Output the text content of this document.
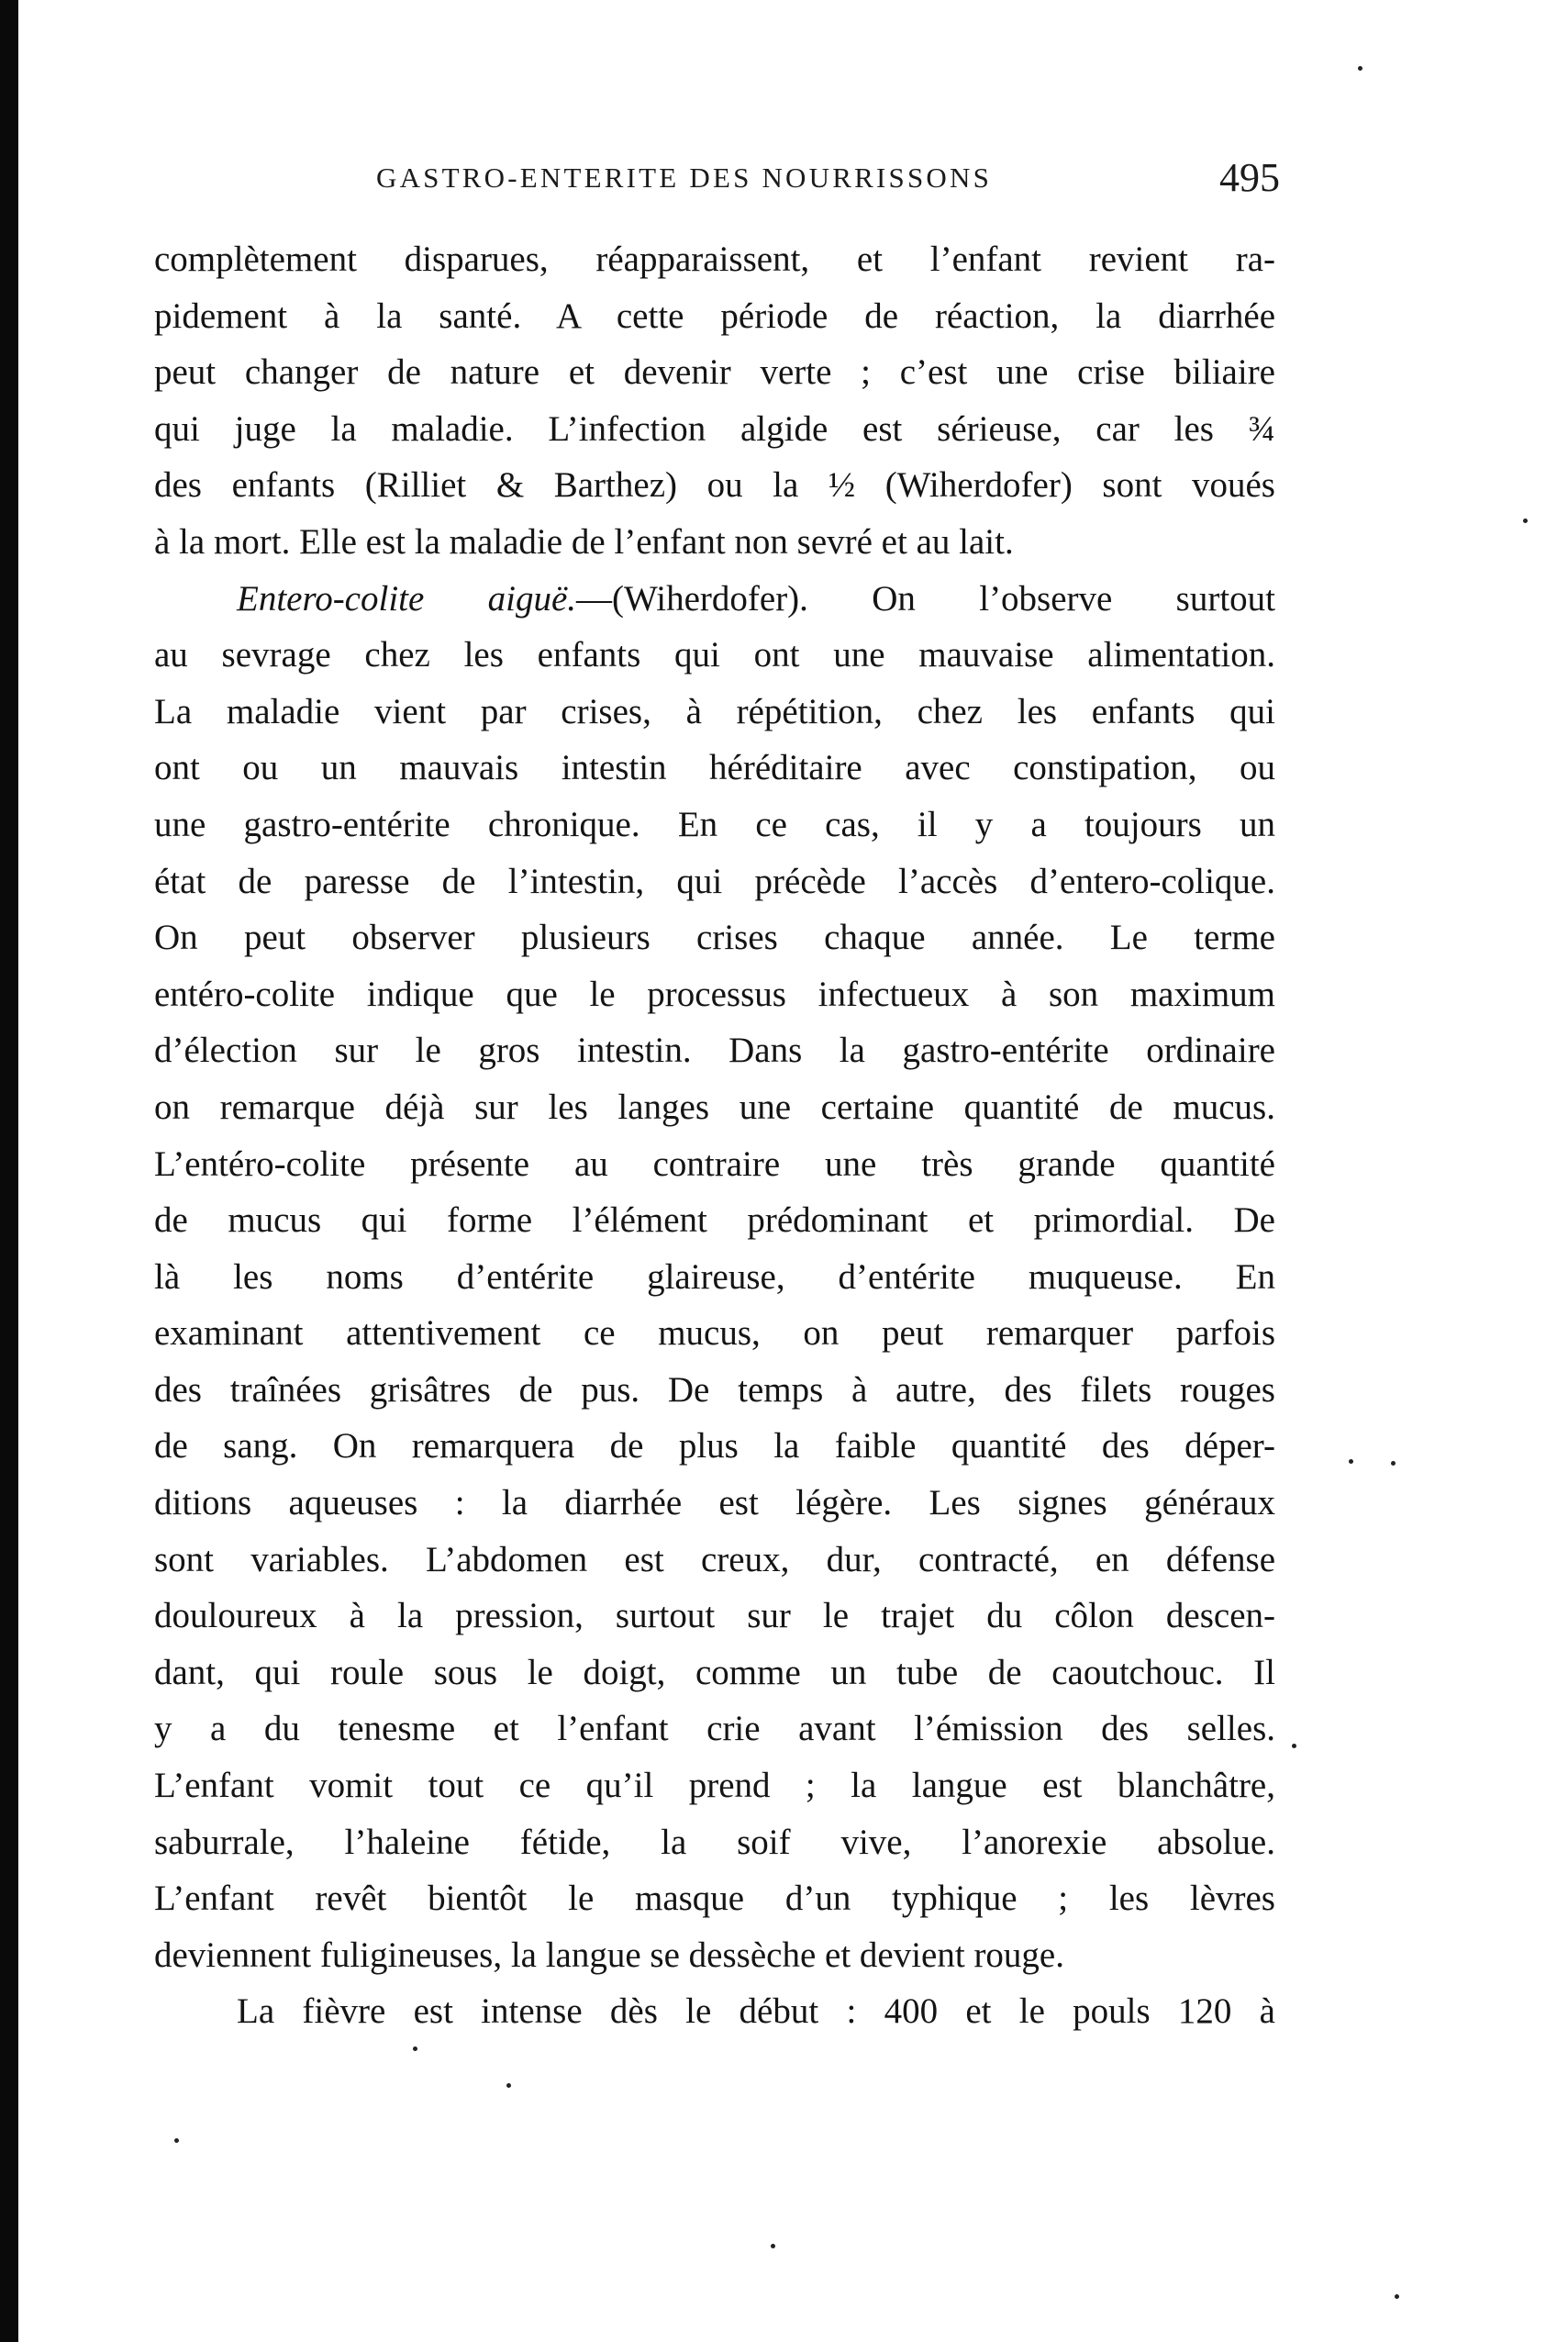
GASTRO-ENTERITE DES NOURRISSONS	495
complètement disparues, réapparaissent, et l’enfant revient ra-
pidement à la santé. A cette période de réaction, la diarrhée
peut changer de nature et devenir verte ; c’est une crise biliaire
qui juge la maladie. L’infection algide est sérieuse, car les ¾
des enfants (Rilliet & Barthez) ou la ½ (Wiherdofer) sont voués
à la mort. Elle est la maladie de l’enfant non sevré et au lait.
Entero-colite aiguë.—(Wiherdofer). On l’observe surtout
au sevrage chez les enfants qui ont une mauvaise alimentation.
La maladie vient par crises, à répétition, chez les enfants qui
ont ou un mauvais intestin héréditaire avec constipation, ou
une gastro-entérite chronique. En ce cas, il y a toujours un
état de paresse de l’intestin, qui précède l’accès d’entero-colique.
On peut observer plusieurs crises chaque année. Le terme
entéro-colite indique que le processus infectueux à son maximum
d’élection sur le gros intestin. Dans la gastro-entérite ordinaire
on remarque déjà sur les langes une certaine quantité de mucus.
L’entéro-colite présente au contraire une très grande quantité
de mucus qui forme l’élément prédominant et primordial. De
là les noms d’entérite glaireuse, d’entérite muqueuse. En
examinant attentivement ce mucus, on peut remarquer parfois
des traînées grisâtres de pus. De temps à autre, des filets rouges
de sang. On remarquera de plus la faible quantité des déper-
ditions aqueuses : la diarrhée est légère. Les signes généraux
sont variables. L’abdomen est creux, dur, contracté, en défense
douloureux à la pression, surtout sur le trajet du côlon descen-
dant, qui roule sous le doigt, comme un tube de caoutchouc. Il
y a du tenesme et l’enfant crie avant l’émission des selles.
L’enfant vomit tout ce qu’il prend ; la langue est blanchâtre,
saburrale, l’haleine fétide, la soif vive, l’anorexie absolue.
L’enfant revêt bientôt le masque d’un typhique ; les lèvres
deviennent fuligineuses, la langue se dessèche et devient rouge.
La fièvre est intense dès le début : 400 et le pouls 120 à
